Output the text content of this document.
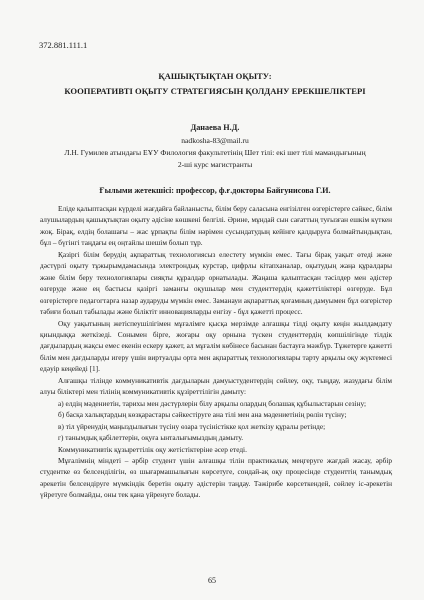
372.881.111.1
ҚАШЫҚТЫҚТАН ОҚЫТУ:
КООПЕРАТИВТІ ОҚЫТУ СТРАТЕГИЯСЫН ҚОЛДАНУ ЕРЕКШЕЛІКТЕРІ
Данаева Н.Д.
nadkosha-83@mail.ru
Л.Н. Гумилев атындағы ЕҰУ Филология факультетінің Шет тілі: екі шет тілі мамандығының
2-ші курс магистранты
Ғылыми жетекшісі: профессор, ф.ғ.докторы Байгунисова Г.И.

Еліде қалыптасқан күрделі жағдайға байланысты, білім беру саласына енгізілген өзгерістерге сәйкес, білім алушылардың қашықтықтан оқыту әдісіне көшкені белгілі. Әрине, мұндай сын сағаттың туғызған ешкім күткен жоқ. Бірақ, елдің болашағы – жас ұрпақты білім нәрімен сусындатудың кейінге қалдыруға болмайтындықтан, бұл – бүгінгі таңдағы ең оңтайлы шешім болып тұр.

Қазіргі білім берудің ақпараттық технологиясыз елестету мүмкін емес. Тағы бірақ уақыт өтеді және дәстүрлі оқыту тұжырымдамасында электрондық курстар, цифрлы кітапханалар, оқытудың жаңа құралдары және білім беру технологиялары сияқты құралдар орнатылады. Жаңаша қалыптасқан тәсілдер мен әдістер өзгеруде және ең бастысы қазіргі заманғы оқушылар мен студенттердің қажеттіліктері өзгеруде. Бұл өзгерістерге педагогтарға назар аударуды мүмкін емес. Заманауи ақпараттық қоғамның дамуымен бұл өзгерістер тәбиғи болып табылады және біліктіт инновацияларды енгізу - бұл қажетті процесс.

Оқу уақытының жетіспеушілігімен мұғалімге қысқа мерзімде алғашқы тілді оқыту кеңін жылдамдату қиындыққа жеткізеді. Сонымен бірге, жоғары оқу орнына түскен студенттердің көпшілігінде тілдік дағдылардың жақсы емес екенін ескеру қажет, ал мұғалім көбінесе басынан бастауға мәжбүр. Тұжетерге қажетті білім мен дағдыларды игеру үшін виртуалды орта мен ақпараттық технологиялары тарту арқылы оқу жүктемесі едәуір кеңейеді [1].

Алғашқы тілінде коммуникативтік дағдыларын дамуыстудентердің сөйлеу, оқу, тыңдау, жазудағы білім алуы біліктері мен тілінің коммуникативтік құзіреттілігін дамыту:

а) елдің мәдениетін, тарихы мен дәстүрлерін білу арқылы олардың болашақ құбылыстарын сезіну;

б) басқа халықтардың көзқарастары сәйкестіруге ана тілі мен ана мәдениетінің рөлін түсіну;

в) тіл үйренудің маңыздылығын түсіну өзара түсіністікке қол жеткізу құралы ретінде;

г) танымдық қабілеттерін, оқуға ынталығымыздың дамыту.

Коммуникативтік құзыреттілік оқу жетістіктеріне әсер етеді.

Мұғалімнің міндеті – әрбір студент үшін алғашқы тілін практикалық меңгеруге жағдай жасау, әрбір студентке өз белсенділігін, өз шығармашылығын көрсетуге, сондай-ақ оқу процесінде студенттің танымдық әрекетін белсендіруге мүмкіндік беретін оқыту әдістерін таңдау. Тәжірибе көрсеткендей, сөйлеу іс-әрекетін үйретуге болмайды, оны тек қана үйренуге болады.

65
